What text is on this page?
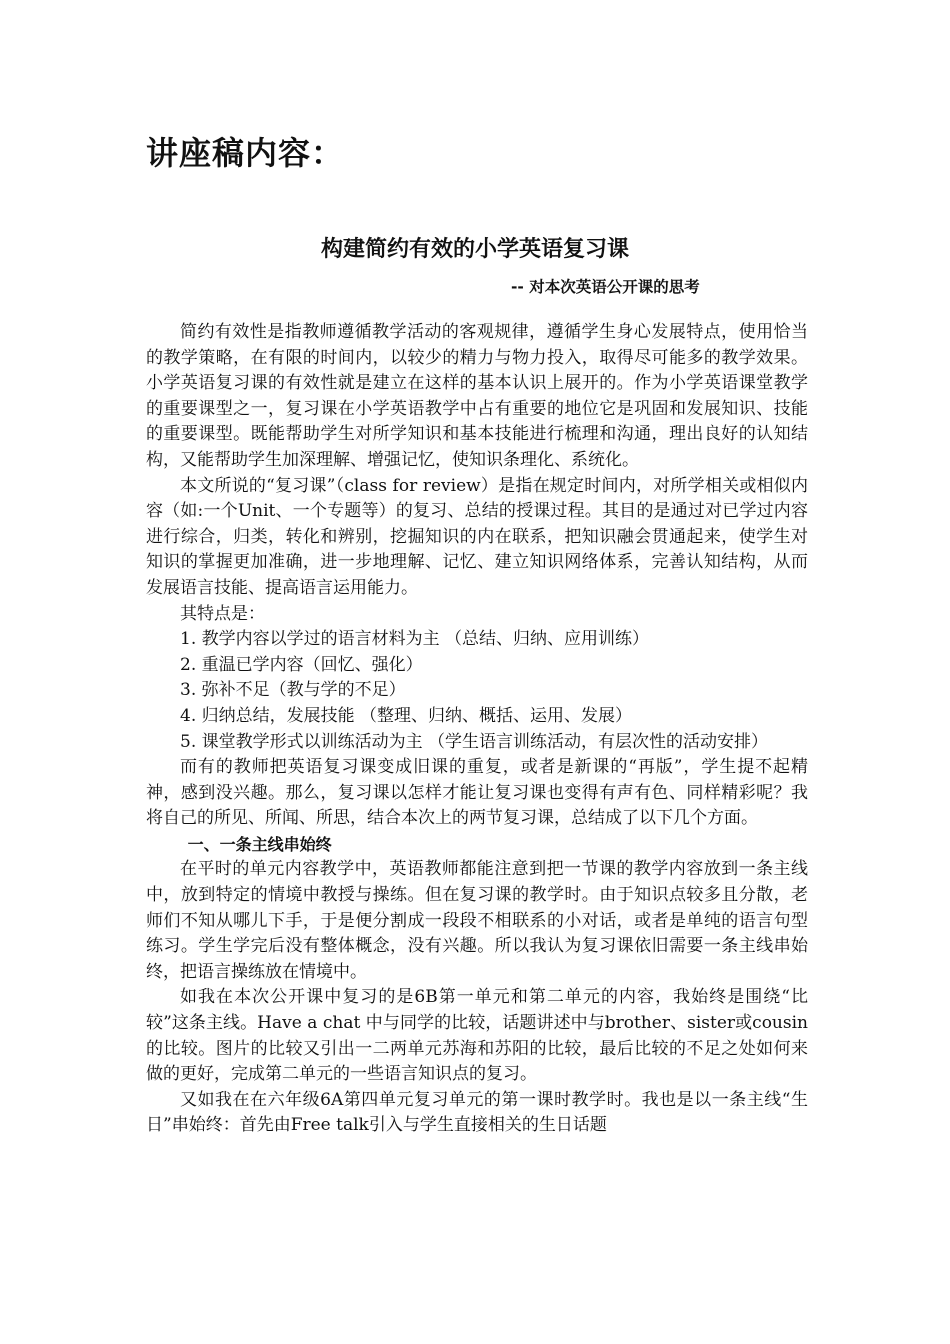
讲座稿内容：
构建简约有效的小学英语复习课
-- 对本次英语公开课的思考

简约有效性是指教师遵循教学活动的客观规律，遵循学生身心发展特点，使用恰当的教学策略，在有限的时间内，以较少的精力与物力投入，取得尽可能多的教学效果。小学英语复习课的有效性就是建立在这样的基本认识上展开的。作为小学英语课堂教学的重要课型之一，复习课在小学英语教学中占有重要的地位它是巩固和发展知识、技能的重要课型。既能帮助学生对所学知识和基本技能进行梳理和沟通，理出良好的认知结构，又能帮助学生加深理解、增强记忆，使知识条理化、系统化。

本文所说的“复习课”（class for review）是指在规定时间内，对所学相关或相似内容（如:一个Unit、一个专题等）的复习、总结的授课过程。其目的是通过对已学过内容进行综合，归类，转化和辨别，挖掘知识的内在联系，把知识融会贯通起来，使学生对知识的掌握更加准确，进一步地理解、记忆、建立知识网络体系，完善认知结构，从而发展语言技能、提高语言运用能力。

其特点是：

1. 教学内容以学过的语言材料为主 （总结、归纳、应用训练）

2. 重温已学内容（回忆、强化）

3. 弥补不足（教与学的不足）

4. 归纳总结，发展技能 （整理、归纳、概括、运用、发展）

5. 课堂教学形式以训练活动为主 （学生语言训练活动，有层次性的活动安排）

而有的教师把英语复习课变成旧课的重复，或者是新课的“再版”，学生提不起精神，感到没兴趣。那么，复习课以怎样才能让复习课也变得有声有色、同样精彩呢？我将自己的所见、所闻、所思，结合本次上的两节复习课，总结成了以下几个方面。

一、一条主线串始终

在平时的单元内容教学中，英语教师都能注意到把一节课的教学内容放到一条主线中，放到特定的情境中教授与操练。但在复习课的教学时。由于知识点较多且分散，老师们不知从哪儿下手，于是便分割成一段段不相联系的小对话，或者是单纯的语言句型练习。学生学完后没有整体概念，没有兴趣。所以我认为复习课依旧需要一条主线串始终，把语言操练放在情境中。

如我在本次公开课中复习的是6B第一单元和第二单元的内容，我始终是围绕“比较”这条主线。Have a chat 中与同学的比较，话题讲述中与brother、sister或cousin的比较。图片的比较又引出一二两单元苏海和苏阳的比较，最后比较的不足之处如何来做的更好，完成第二单元的一些语言知识点的复习。

又如我在在六年级6A第四单元复习单元的第一课时教学时。我也是以一条主线“生日”串始终：首先由Free talk引入与学生直接相关的生日话题
